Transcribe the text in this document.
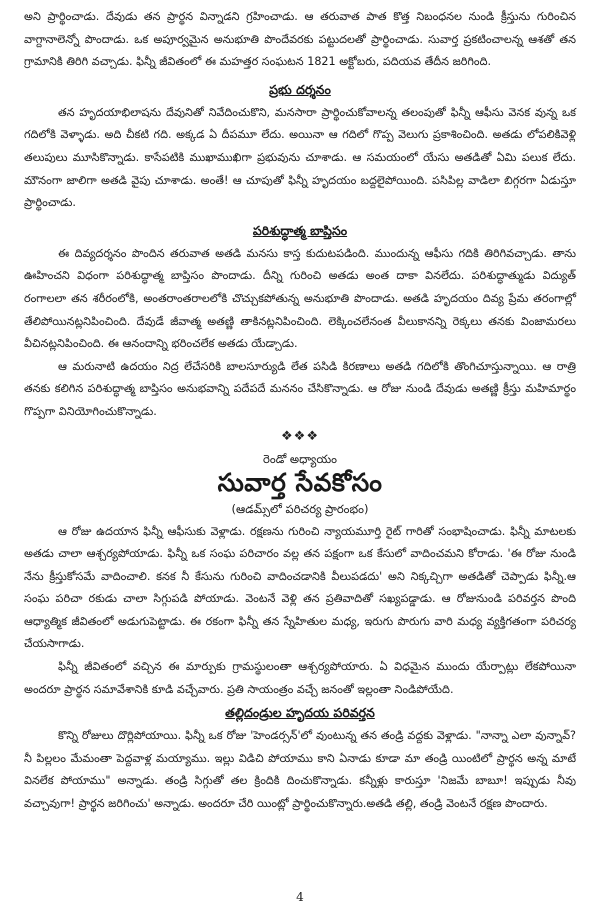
అని ప్రార్థించాడు. దేవుడు తన ప్రార్థన విన్నాడని గ్రహించాడు. ఆ తరువాత పాత కొత్త నిబంధనల నుండి క్రీస్తును గురించిన వాగ్దానాలెన్నో పొందాడు. ఒక అపూర్వమైన అనుభూతి పొందేవరకు పట్టుదలతో ప్రార్థించాడు. సువార్త ప్రకటించాలన్న ఆశతో తన గ్రామానికి తిరిగి వచ్చాడు. ఫిన్నీ జీవితంలో ఈ మహత్తర సంఘటన 1821 అక్టోబరు, పదియవ తేదీన జరిగింది.

ప్రభు దర్శనం

తన హృదయాభిలాషను దేవునితో నివేదించుకొని, మనసారా ప్రార్థించుకోవాలన్న తలంపుతో ఫిన్నీ ఆఫీసు వెనక వున్న ఒక గదిలోకి వెళ్ళాడు. అది చీకటి గది. అక్కడ ఏ దీపమూ లేదు. అయినా ఆ గదిలో గొప్ప వెలుగు ప్రకాశించింది. అతడు లోపలికివెళ్లి తలుపులు మూసికొన్నాడు. కాసేపటికి ముఖాముఖిగా ప్రభువును చూశాడు. ఆ సమయంలో యేసు అతడితో ఏమి పలుక లేదు. మౌనంగా జాలిగా అతడి వైపు చూశాడు. అంతే! ఆ చూపుతో ఫిన్నీ హృదయం బద్దలైపోయింది. పసిపిల్ల వాడిలా బిగ్గరగా ఏడుస్తూ ప్రార్థించాడు.

పరిశుద్ధాత్మ బాప్తిసం

ఈ దివ్యదర్శనం పొందిన తరువాత అతడి మనసు కాస్త కుదుటపడింది. ముందున్న ఆఫీసు గదికి తిరిగివచ్చాడు. తాను ఊహించని విధంగా పరిశుద్ధాత్మ బాప్తిసం పొందాడు. దీన్ని గురించి అతడు అంత దాకా వినలేదు. పరిశుద్ధాత్ముడు విద్యుత్ రంగాలలా తన శరీరంలోకి, అంతరాంతరాలలోకి చొచ్చుకపోతున్న అనుభూతి పొందాడు. అతడి హృదయం దివ్య ప్రేమ తరంగాల్లో తేలిపోయినట్లనిపించింది. దేవుడే జీవాత్మ అతణ్ణి తాకినట్లనిపించింది. లెక్కించలేనంత వీలుకానన్ని రెక్కలు తనకు వింజామరలు వీచినట్లనిపించింది. ఈ ఆనందాన్ని భరించలేక అతడు యేడ్చాడు.

ఆ మరునాటి ఉదయం నిద్ర లేచేసరికి బాలసూర్యుడి లేత పసిడి కిరణాలు అతడి గదిలోకి తొంగిచూస్తున్నాయి. ఆ రాత్రి తనకు కలిగిన పరిశుద్ధాత్మ బాప్తిసం అనుభవాన్ని పదేపదే మననం చేసికొన్నాడు. ఆ రోజు నుండి దేవుడు అతణ్ణి క్రీస్తు మహిమార్థం గొప్పగా వినియోగించుకొన్నాడు.

❖❖❖
రెండో అధ్యాయం
సువార్త సేవకోసం
(ఆడమ్స్‌లో పరిచర్య ప్రారంభం)

ఆ రోజు ఉదయాన ఫిన్నీ ఆఫీసుకు వెళ్లాడు. రక్షణను గురించి న్యాయమూర్తి రైట్ గారితో సంభాషించాడు. ఫిన్నీ మాటలకు అతడు చాలా ఆశ్చర్యపోయాడు. ఫిన్నీ ఒక సంఘ పరిచారం వల్ల తన పక్షంగా ఒక కేసులో వాదించమని కోరాడు. 'ఈ రోజు నుండి నేను క్రీస్తుకోసమే వాదించాలి. కనక నీ కేసును గురించి వాదించడానికి వీలుపడదు' అని నిక్కచ్చిగా అతడితో చెప్పాడు ఫిన్నీ.ఆ సంఘ పరిచా రకుడు చాలా సిగ్గుపడి పోయాడు. వెంటనే వెళ్లి తన ప్రతివాదితో సఖ్యపడ్డాడు. ఆ రోజునుండి పరివర్తన పొంది ఆధ్యాత్మిక జీవితంలో అడుగుపెట్టాడు. ఈ రకంగా ఫిన్నీ తన స్నేహితుల మధ్య, ఇరుగు పొరుగు వారి మధ్య వ్యక్తిగతంగా పరిచర్య చేయసాగాడు.

ఫిన్నీ జీవితంలో వచ్చిన ఈ మార్పుకు గ్రామస్థులంతా ఆశ్చర్యపోయారు. ఏ విధమైన ముందు యేర్పాట్లు లేకపోయినా అందరూ ప్రార్థన సమావేశానికి కూడి వచ్చేవారు. ప్రతి సాయంత్రం వచ్చే జనంతో ఇల్లంతా నిండిపోయేది.

తల్లిదండ్రుల హృదయ పరివర్తన

కొన్ని రోజులు దొర్లిపోయాయి. ఫిన్నీ ఒక రోజు 'హెండర్సన్'లో వుంటున్న తన తండ్రి వద్దకు వెళ్లాడు. "నాన్నా ఎలా వున్నావ్? నీ పిల్లలం మేమంతా పెద్దవాళ్ల మయ్యాము. ఇల్లు విడిచి పోయాము కాని ఏనాడు కూడా మా తండ్రి యింటిలో ప్రార్థన అన్న మాటే వినలేక పోయాము" అన్నాడు. తండ్రి సిగ్గుతో తల క్రిందికి దించుకొన్నాడు. కన్నీళ్లు కారుస్తూ 'నిజమే బాబూ! ఇప్పుడు నీవు వచ్చావుగా! ప్రార్థన జరిగించు' అన్నాడు. అందరూ చేరి యింట్లో ప్రార్థించుకొన్నారు.అతడి తల్లి, తండ్రి వెంటనే రక్షణ పొందారు.

4
